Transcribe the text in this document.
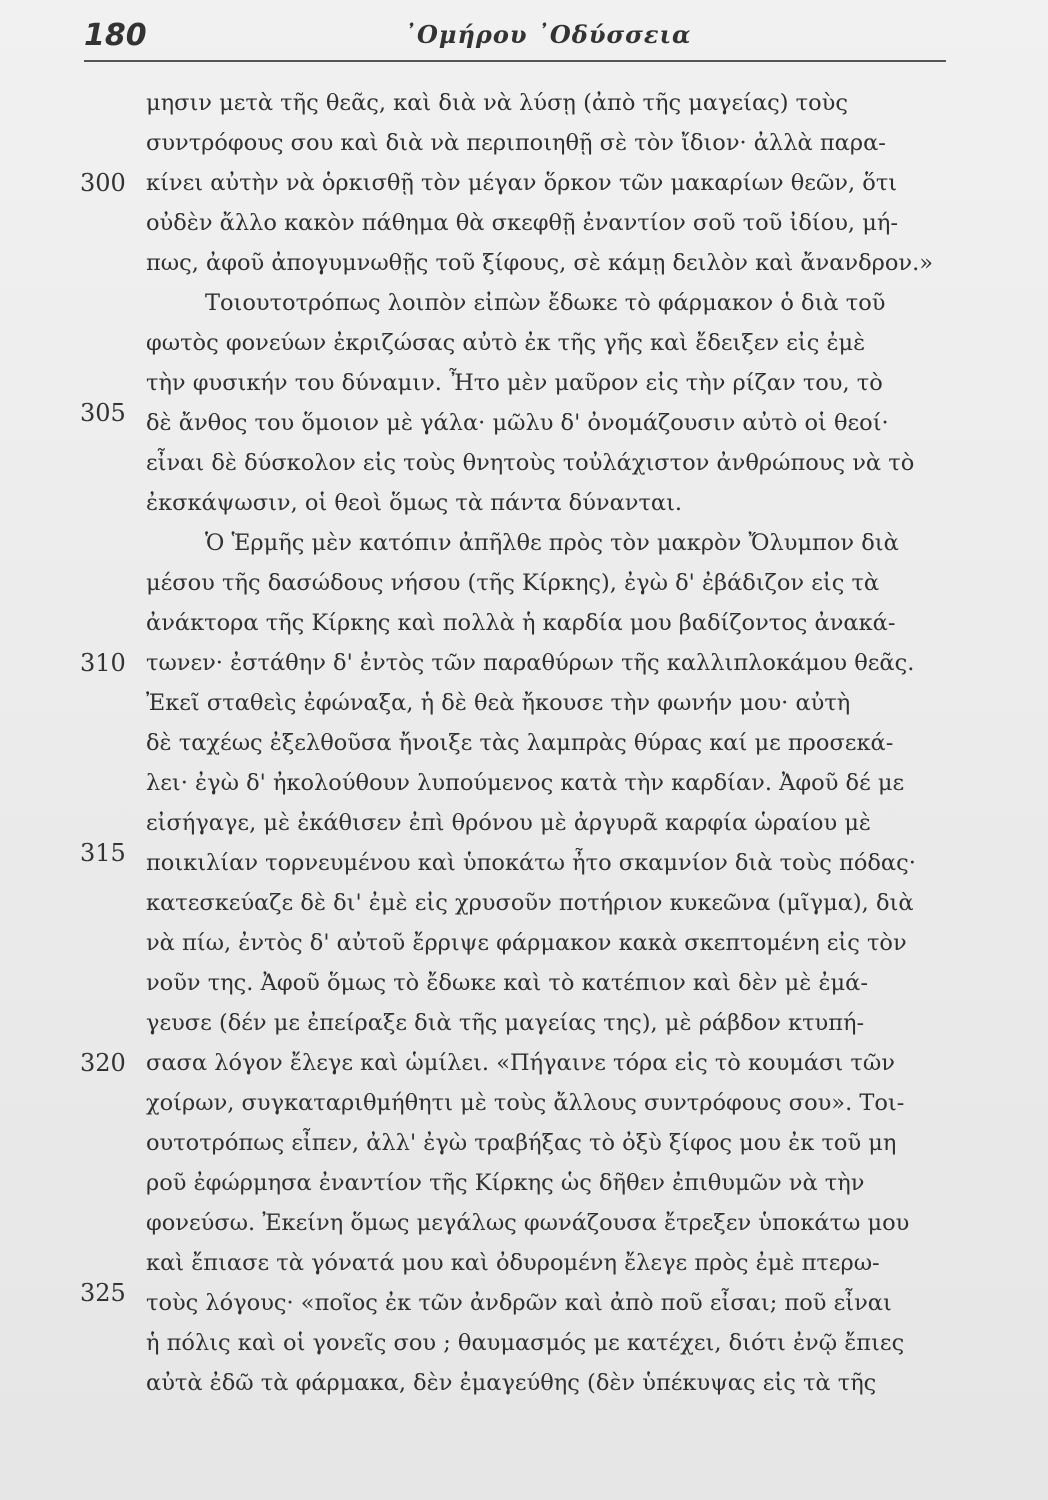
180	᾽Ομήρου ᾽Οδύσσεια
μησιν μετὰ τῆς θεᾶς, καὶ διὰ νὰ λύσῃ (ἀπὸ τῆς μαγείας) τοὺς
συντρόφους σου καὶ διὰ νὰ περιποιηθῇ σὲ τὸν ἴδιον· ἀλλὰ παρα-
300 κίνει αὐτὴν νὰ ὁρκισθῇ τὸν μέγαν ὅρκον τῶν μακαρίων θεῶν, ὅτι
οὐδὲν ἄλλο κακὸν πάθημα θὰ σκεφθῇ ἐναντίον σοῦ τοῦ ἰδίου, μή-
πως, ἀφοῦ ἀπογυμνωθῇς τοῦ ξίφους, σὲ κάμῃ δειλὸν καὶ ἄνανδρον.»
Τοιουτοτρόπως λοιπὸν εἰπὼν ἔδωκε τὸ φάρμακον ὁ διὰ τοῦ
φωτὸς φονεύων ἐκριζώσας αὐτὸ ἐκ τῆς γῆς καὶ ἔδειξεν εἰς ἐμὲ
τὴν φυσικήν του δύναμιν. Ἦτο μὲν μαῦρον εἰς τὴν ρίζαν του, τὸ
305 δὲ ἄνθος του ὅμοιον μὲ γάλα· μῶλυ δ' ὀνομάζουσιν αὐτὸ οἱ θεοί·
εἶναι δὲ δύσκολον εἰς τοὺς θνητοὺς τοὐλάχιστον ἀνθρώπους νὰ τὸ
ἐκσκάψωσιν, οἱ θεοὶ ὅμως τὰ πάντα δύνανται.
Ὁ Ἑρμῆς μὲν κατόπιν ἀπῆλθε πρὸς τὸν μακρὸν Ὄλυμπον διὰ
μέσου τῆς δασώδους νήσου (τῆς Κίρκης), ἐγὼ δ' ἐβάδιζον εἰς τὰ
ἀνάκτορα τῆς Κίρκης καὶ πολλὰ ἡ καρδία μου βαδίζοντος ἀνακά-
310 τωνεν· ἐστάθην δ' ἐντὸς τῶν παραθύρων τῆς καλλιπλοκάμου θεᾶς.
Ἐκεῖ σταθεὶς ἐφώναξα, ἡ δὲ θεὰ ἤκουσε τὴν φωνήν μου· αὐτὴ
δὲ ταχέως ἐξελθοῦσα ἤνοιξε τὰς λαμπρὰς θύρας καί με προσεκά-
λει· ἐγὼ δ' ἠκολούθουν λυπούμενος κατὰ τὴν καρδίαν. Ἀφοῦ δέ με
εἰσήγαγε, μὲ ἐκάθισεν ἐπὶ θρόνου μὲ ἀργυρᾶ καρφία ὡραίου μὲ
315 ποικιλίαν τορνευμένου καὶ ὑποκάτω ἦτο σκαμνίον διὰ τοὺς πόδας·
κατεσκεύαζε δὲ δι' ἐμὲ εἰς χρυσοῦν ποτήριον κυκεῶνα (μῖγμα), διὰ
νὰ πίω, ἐντὸς δ' αὐτοῦ ἔρριψε φάρμακον κακὰ σκεπτομένη εἰς τὸν
νοῦν της. Ἀφοῦ ὅμως τὸ ἔδωκε καὶ τὸ κατέπιον καὶ δὲν μὲ ἐμά-
γευσε (δέν με ἐπείραξε διὰ τῆς μαγείας της), μὲ ράβδον κτυπή-
320 σασα λόγον ἔλεγε καὶ ὡμίλει. «Πήγαινε τόρα εἰς τὸ κουμάσι τῶν
χοίρων, συγκαταριθμήθητι μὲ τοὺς ἄλλους συντρόφους σου». Τοι-
ουτοτρόπως εἶπεν, ἀλλ' ἐγὼ τραβήξας τὸ ὀξὺ ξίφος μου ἐκ τοῦ μη
ροῦ ἐφώρμησα ἐναντίον τῆς Κίρκης ὡς δῆθεν ἐπιθυμῶν νὰ τὴν
φονεύσω. Ἐκείνη ὅμως μεγάλως φωνάζουσα ἔτρεξεν ὑποκάτω μου
καὶ ἔπιασε τὰ γόνατά μου καὶ ὀδυρομένη ἔλεγε πρὸς ἐμὲ πτερω-
325 τοὺς λόγους· «ποῖος ἐκ τῶν ἀνδρῶν καὶ ἀπὸ ποῦ εἶσαι; ποῦ εἶναι
ἡ πόλις καὶ οἱ γονεῖς σου ; θαυμασμός με κατέχει, διότι ἐνῷ ἔπιες
αὐτὰ ἐδῶ τὰ φάρμακα, δὲν ἐμαγεύθης (δὲν ὑπέκυψας εἰς τὰ τῆς
